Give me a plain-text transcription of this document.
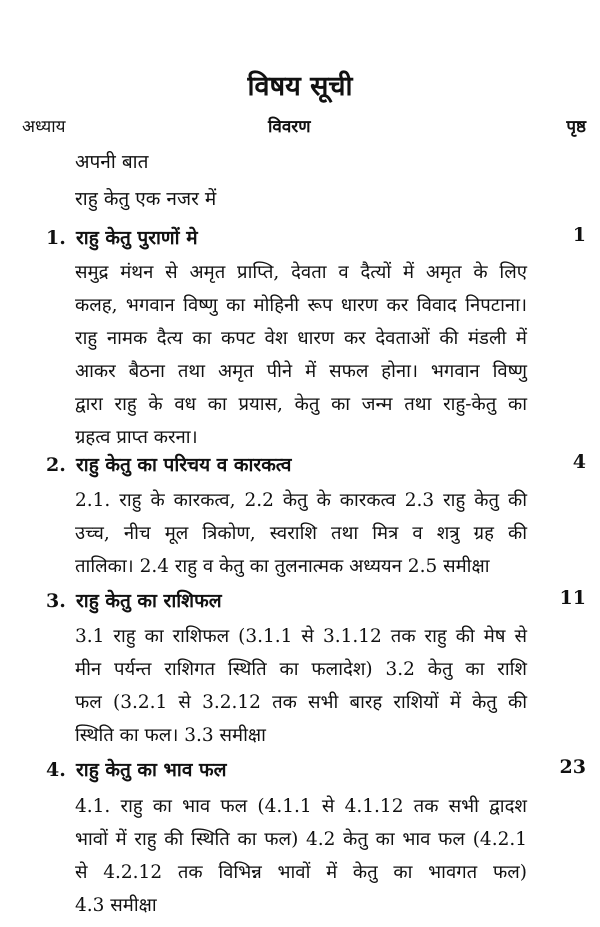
विषय सूची
अध्याय	विवरण	पृष्ठ
अपनी बात
राहु केतु एक नजर में
1. राहु केतु पुराणों मे	1
समुद्र मंथन से अमृत प्राप्ति, देवता व दैत्यों में अमृत के लिए
कलह, भगवान विष्णु का मोहिनी रूप धारण कर विवाद निपटाना।
राहु नामक दैत्य का कपट वेश धारण कर देवताओं की मंडली में
आकर बैठना तथा अमृत पीने में सफल होना। भगवान विष्णु
द्वारा राहु के वध का प्रयास, केतु का जन्म तथा राहु-केतु का
ग्रहत्व प्राप्त करना।
2. राहु केतु का परिचय व कारकत्व	4
2.1. राहु के कारकत्व, 2.2 केतु के कारकत्व 2.3 राहु केतु की
उच्च, नीच मूल त्रिकोण, स्वराशि तथा मित्र व शत्रु ग्रह की
तालिका। 2.4 राहु व केतु का तुलनात्मक अध्ययन 2.5 समीक्षा
3. राहु केतु का राशिफल	11
3.1 राहु का राशिफल (3.1.1 से 3.1.12 तक राहु की मेष से
मीन पर्यन्त राशिगत स्थिति का फलादेश) 3.2 केतु का राशि
फल (3.2.1 से 3.2.12 तक सभी बारह राशियों में केतु की
स्थिति का फल। 3.3 समीक्षा
4. राहु केतु का भाव फल	23
4.1. राहु का भाव फल (4.1.1 से 4.1.12 तक सभी द्वादश
भावों में राहु की स्थिति का फल) 4.2 केतु का भाव फल (4.2.1
से 4.2.12 तक विभिन्न भावों में केतु का भावगत फल)
4.3 समीक्षा
